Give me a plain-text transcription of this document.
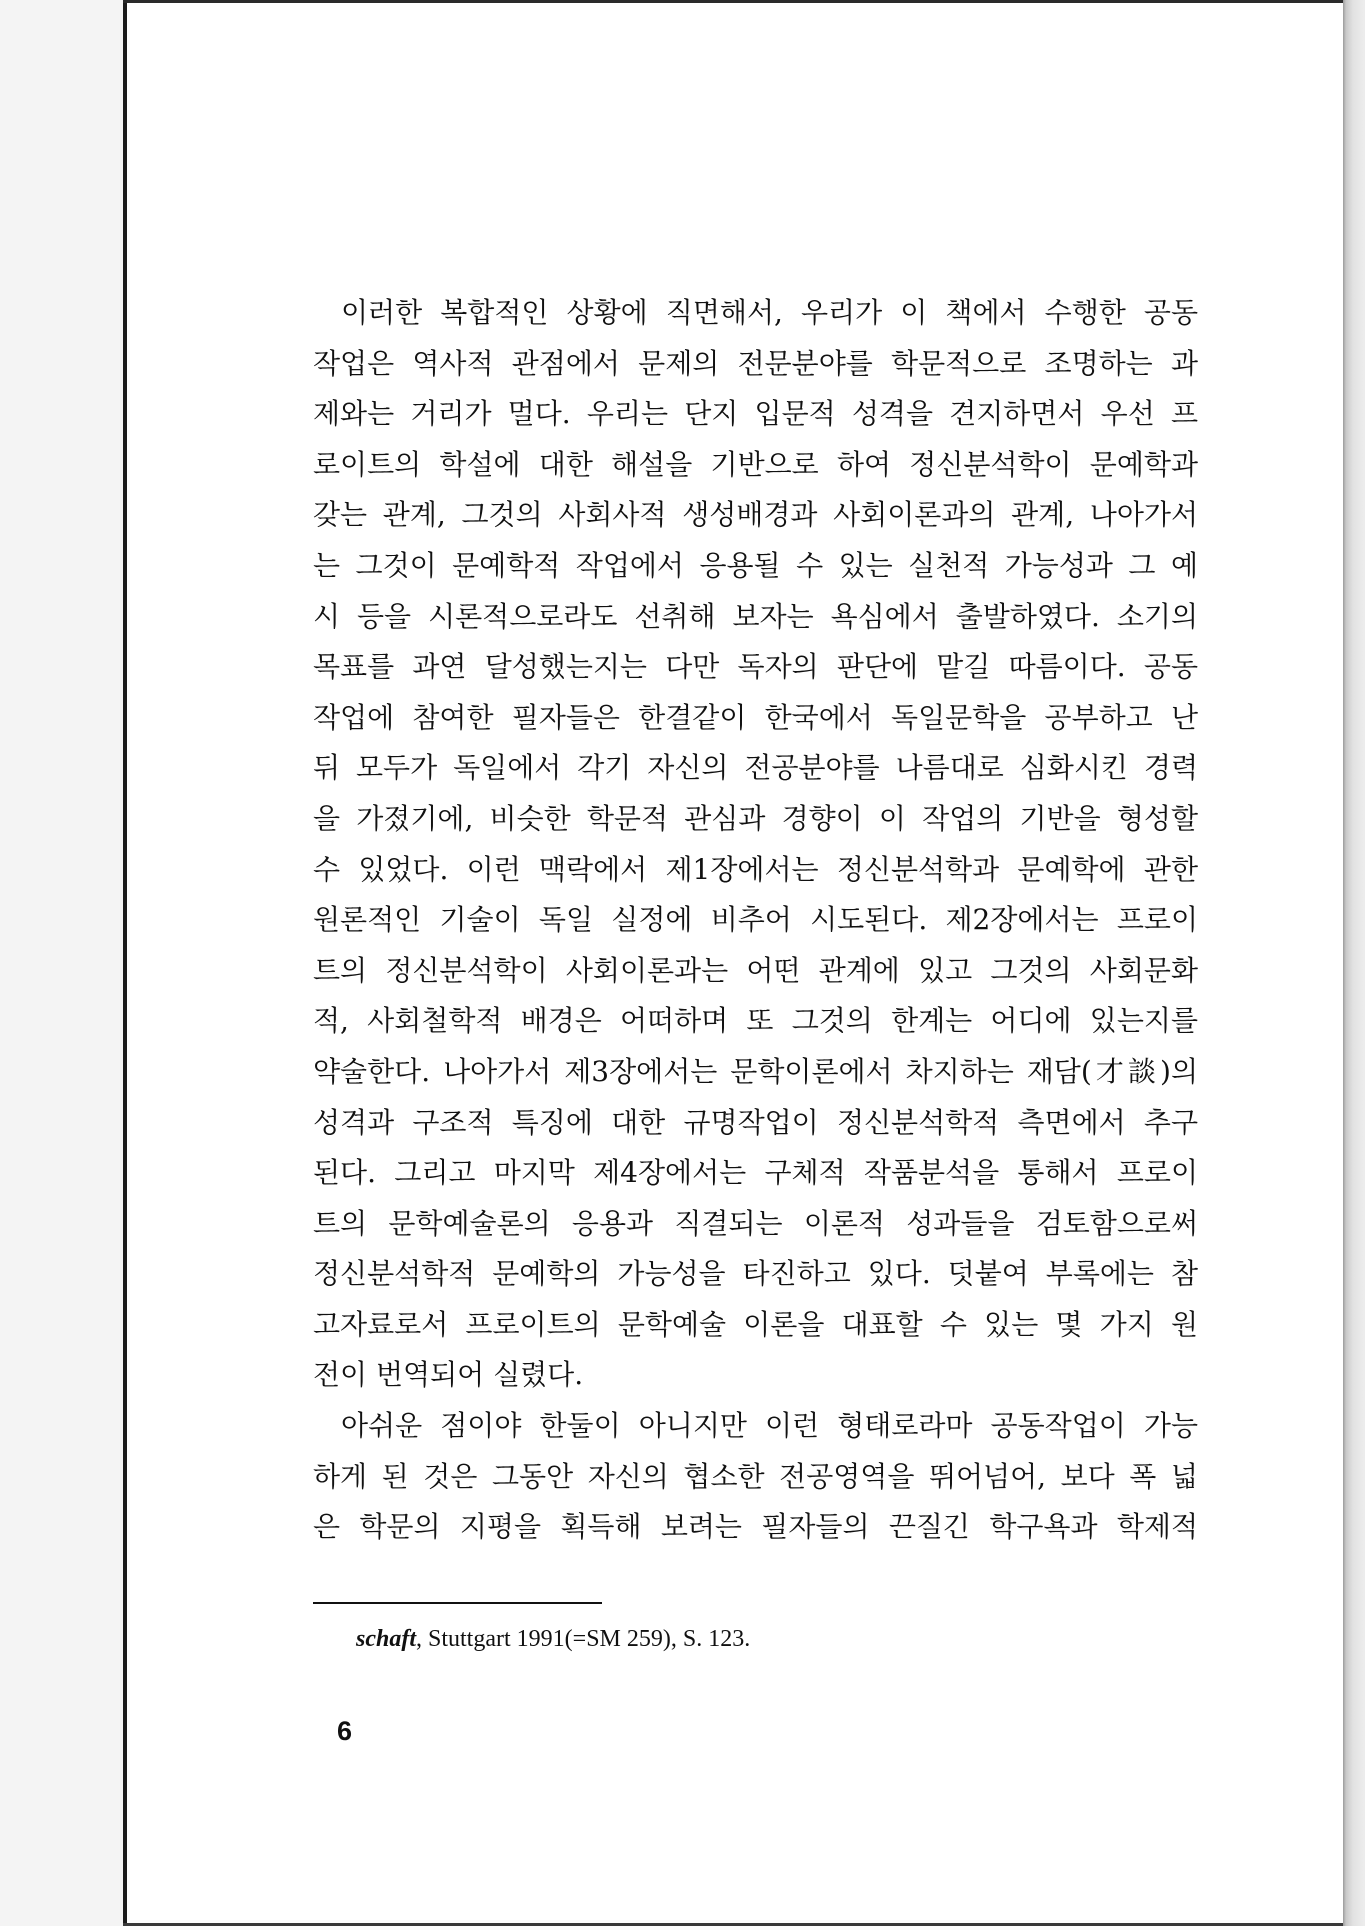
이러한 복합적인 상황에 직면해서, 우리가 이 책에서 수행한 공동
작업은 역사적 관점에서 문제의 전문분야를 학문적으로 조명하는 과
제와는 거리가 멀다. 우리는 단지 입문적 성격을 견지하면서 우선 프
로이트의 학설에 대한 해설을 기반으로 하여 정신분석학이 문예학과
갖는 관계, 그것의 사회사적 생성배경과 사회이론과의 관계, 나아가서
는 그것이 문예학적 작업에서 응용될 수 있는 실천적 가능성과 그 예
시 등을 시론적으로라도 선취해 보자는 욕심에서 출발하였다. 소기의
목표를 과연 달성했는지는 다만 독자의 판단에 맡길 따름이다. 공동
작업에 참여한 필자들은 한결같이 한국에서 독일문학을 공부하고 난
뒤 모두가 독일에서 각기 자신의 전공분야를 나름대로 심화시킨 경력
을 가졌기에, 비슷한 학문적 관심과 경향이 이 작업의 기반을 형성할
수 있었다. 이런 맥락에서 제1장에서는 정신분석학과 문예학에 관한
원론적인 기술이 독일 실정에 비추어 시도된다. 제2장에서는 프로이
트의 정신분석학이 사회이론과는 어떤 관계에 있고 그것의 사회문화
적, 사회철학적 배경은 어떠하며 또 그것의 한계는 어디에 있는지를
약술한다. 나아가서 제3장에서는 문학이론에서 차지하는 재담(才談)의
성격과 구조적 특징에 대한 규명작업이 정신분석학적 측면에서 추구
된다. 그리고 마지막 제4장에서는 구체적 작품분석을 통해서 프로이
트의 문학예술론의 응용과 직결되는 이론적 성과들을 검토함으로써
정신분석학적 문예학의 가능성을 타진하고 있다. 덧붙여 부록에는 참
고자료로서 프로이트의 문학예술 이론을 대표할 수 있는 몇 가지 원
전이 번역되어 실렸다.
아쉬운 점이야 한둘이 아니지만 이런 형태로라마 공동작업이 가능
하게 된 것은 그동안 자신의 협소한 전공영역을 뛰어넘어, 보다 폭 넓
은 학문의 지평을 획득해 보려는 필자들의 끈질긴 학구욕과 학제적
schaft, Stuttgart 1991(=SM 259), S. 123.
6
